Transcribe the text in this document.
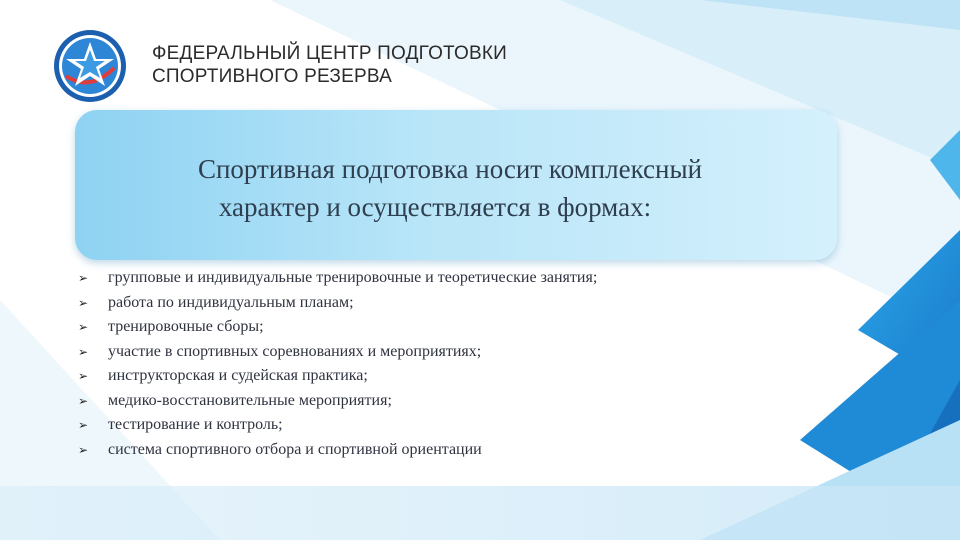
ФЕДЕРАЛЬНЫЙ ЦЕНТР ПОДГОТОВКИ
СПОРТИВНОГО РЕЗЕРВА
Спортивная подготовка носит комплексный
характер и осуществляется в формах:
➢	групповые и индивидуальные тренировочные и теоретические занятия;
➢	работа по индивидуальным планам;
➢	тренировочные сборы;
➢	участие в спортивных соревнованиях и мероприятиях;
➢	инструкторская и судейская практика;
➢	медико-восстановительные мероприятия;
➢	тестирование и контроль;
➢	система спортивного отбора и спортивной ориентации
